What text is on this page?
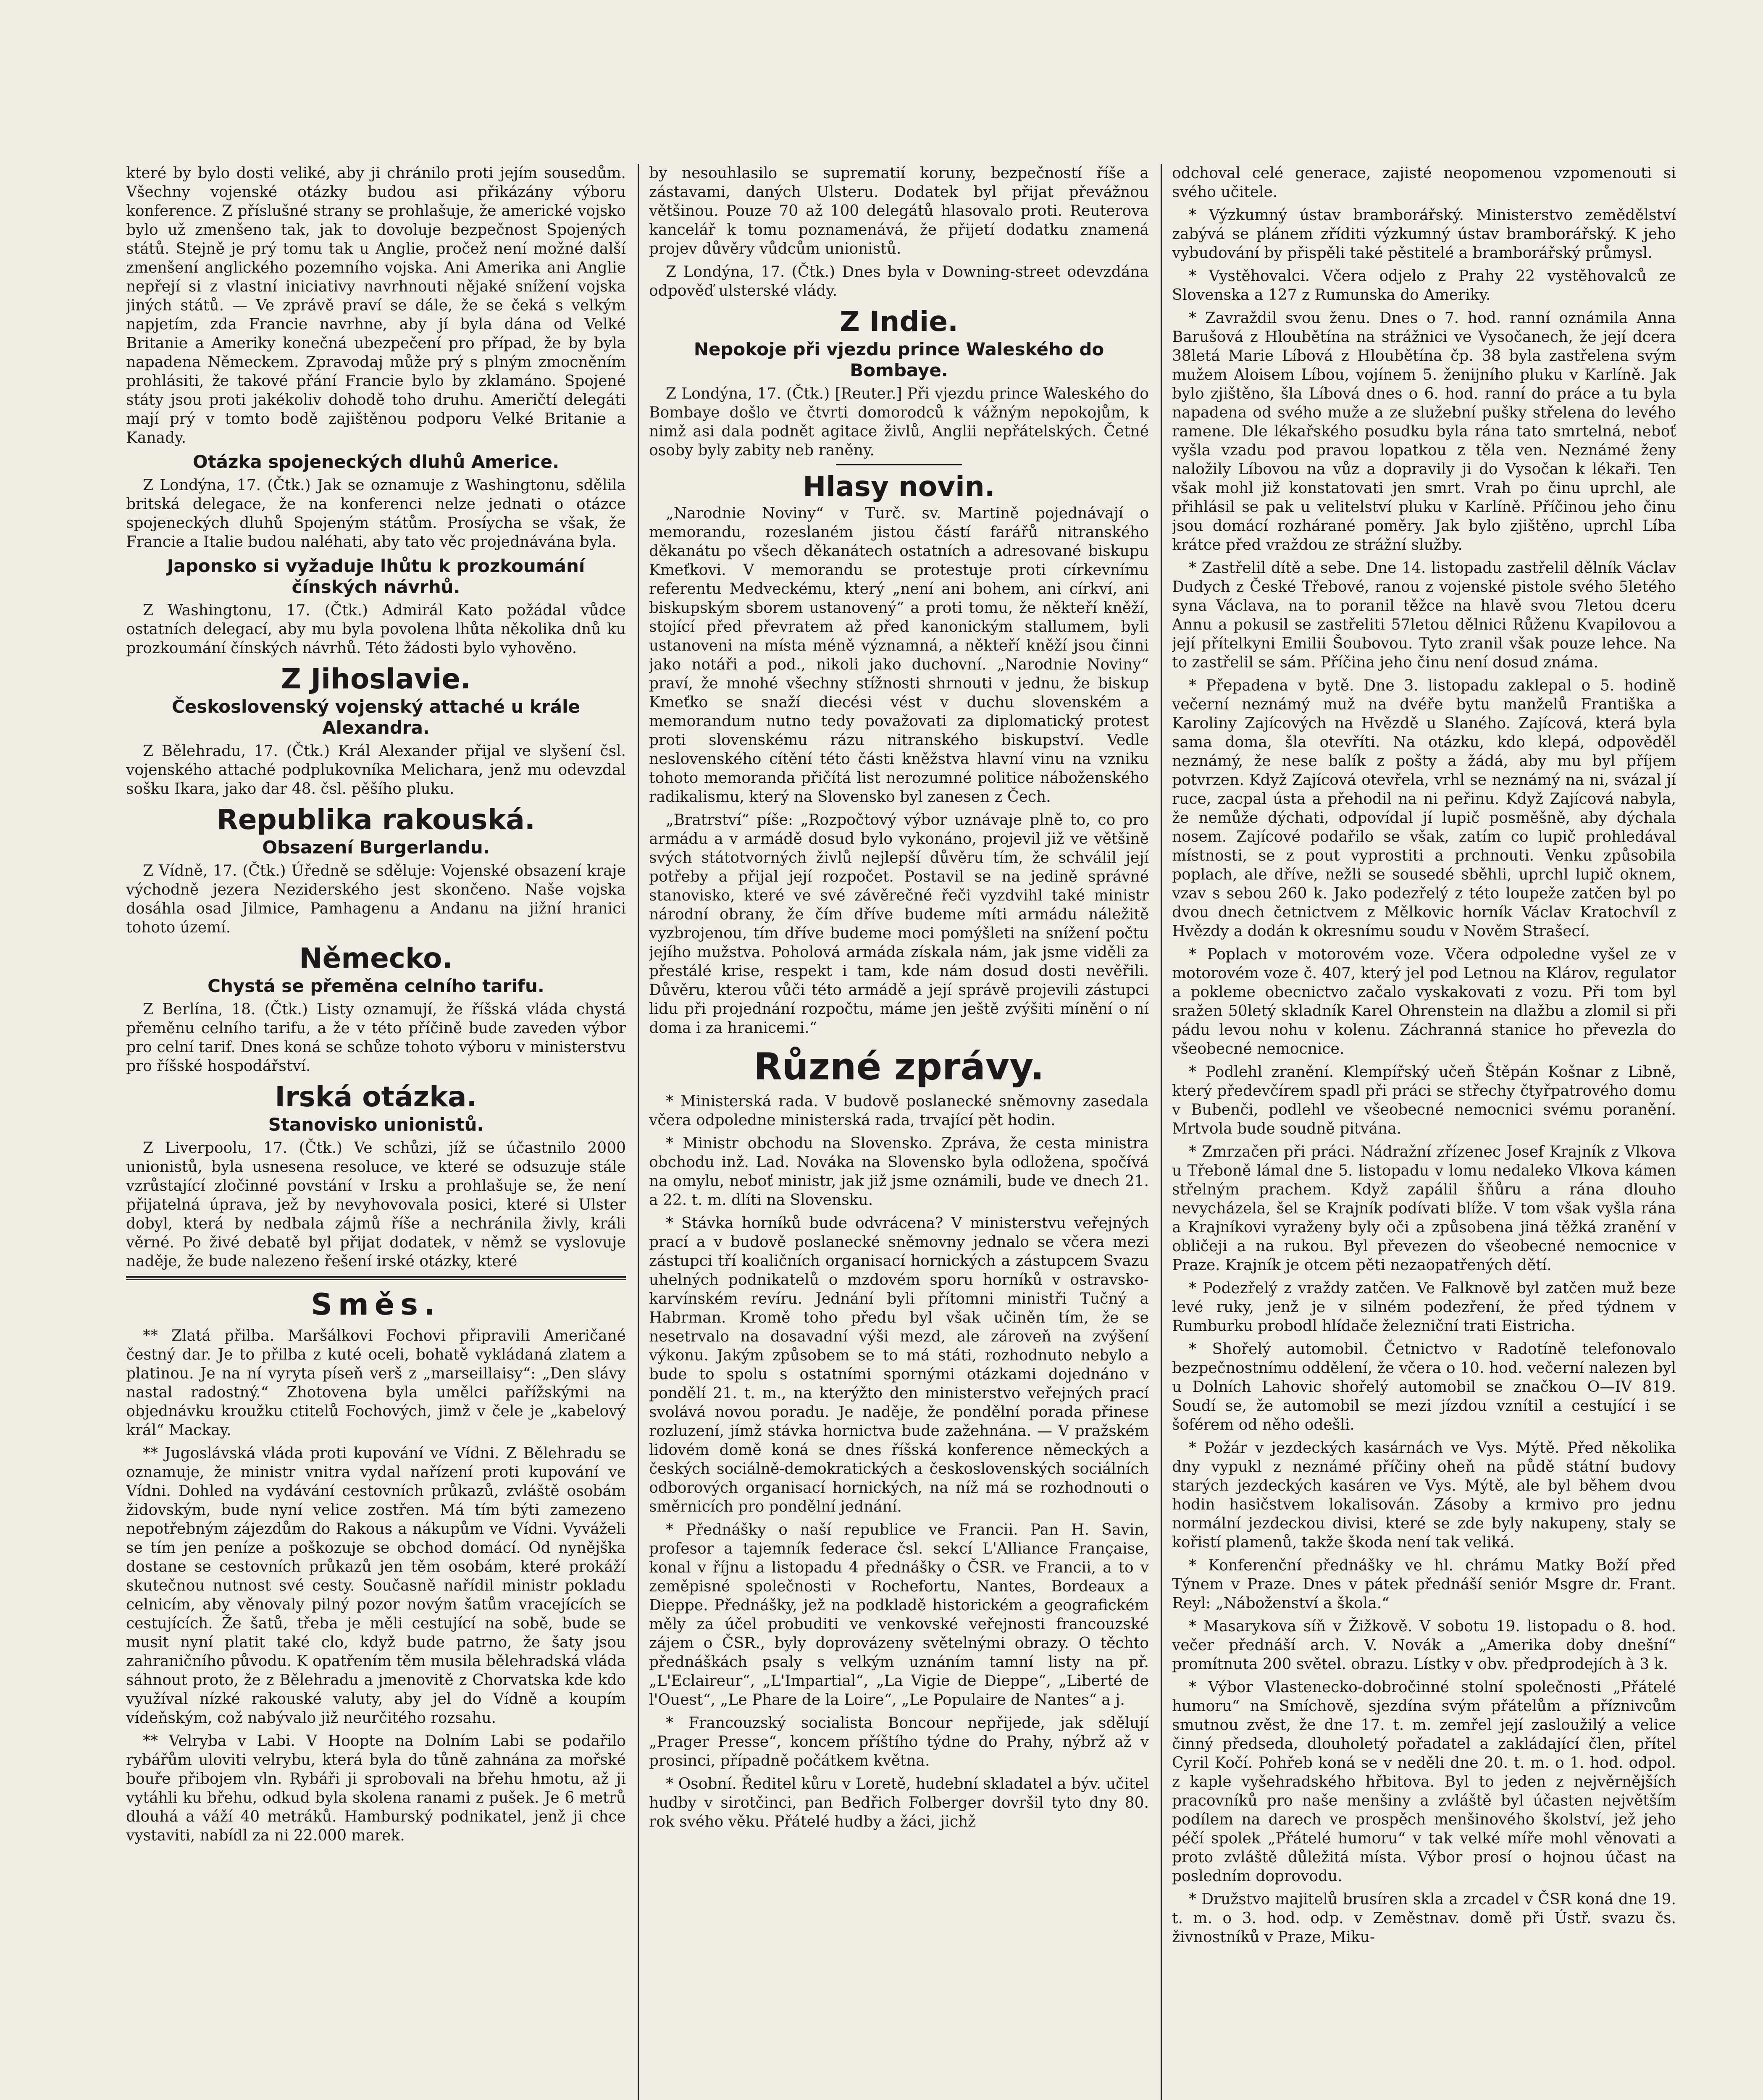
které by bylo dosti veliké, aby ji chránilo proti jejím sousedům. Všechny vojenské otázky budou asi přikázány výboru konference. Z příslušné strany se prohlašuje, že americké vojsko bylo už zmenšeno tak, jak to dovoluje bezpečnost Spojených států. Stejně je prý tomu tak u Anglie, pročež není možné další zmenšení anglického pozemního vojska. Ani Amerika ani Anglie nepřejí si z vlastní iniciativy navrhnouti nějaké snížení vojska jiných států. — Ve zprávě praví se dále, že se čeká s velkým napjetím, zda Francie navrhne, aby jí byla dána od Velké Britanie a Ameriky konečná ubezpečení pro případ, že by byla napadena Německem. Zpravodaj může prý s plným zmocněním prohlásiti, že takové přání Francie bylo by zklamáno. Spojené státy jsou proti jakékoliv dohodě toho druhu. Američtí delegáti mají prý v tomto bodě zajištěnou podporu Velké Britanie a Kanady.

Otázka spojeneckých dluhů Americe.

Z Londýna, 17. (Čtk.) Jak se oznamuje z Washingtonu, sdělila britská delegace, že na konferenci nelze jednati o otázce spojeneckých dluhů Spojeným státům. Prosíycha se však, že Francie a Italie budou naléhati, aby tato věc projednávána byla.

Japonsko si vyžaduje lhůtu k prozkoumání čínských návrhů.

Z Washingtonu, 17. (Čtk.) Admirál Kato požádal vůdce ostatních delegací, aby mu byla povolena lhůta několika dnů ku prozkoumání čínských návrhů. Této žádosti bylo vyhověno.

Z Jihoslavie.
Československý vojenský attaché u krále Alexandra.

Z Bělehradu, 17. (Čtk.) Král Alexander přijal ve slyšení čsl. vojenského attaché podplukovníka Melichara, jenž mu odevzdal sošku Ikara, jako dar 48. čsl. pěšího pluku.

Republika rakouská.
Obsazení Burgerlandu.

Z Vídně, 17. (Čtk.) Úředně se sděluje: Vojenské obsazení kraje východně jezera Neziderského jest skončeno. Naše vojska dosáhla osad Jilmice, Pamhagenu a Andanu na jižní hranici tohoto území.

Německo.
Chystá se přeměna celního tarifu.

Z Berlína, 18. (Čtk.) Listy oznamují, že říšská vláda chystá přeměnu celního tarifu, a že v této příčině bude zaveden výbor pro celní tarif. Dnes koná se schůze tohoto výboru v ministerstvu pro říšské hospodářství.

Irská otázka.
Stanovisko unionistů.

Z Liverpoolu, 17. (Čtk.) Ve schůzi, jíž se účastnilo 2000 unionistů, byla usnesena resoluce, ve které se odsuzuje stále vzrůstající zločinné povstání v Irsku a prohlašuje se, že není přijatelná úprava, jež by nevyhovovala posici, které si Ulster dobyl, která by nedbala zájmů říše a nechránila živly, králi věrné. Po živé debatě byl přijat dodatek, v němž se vyslovuje naděje, že bude nalezeno řešení irské otázky, které

Směs.

** Zlatá přilba. Maršálkovi Fochovi připravili Američané čestný dar. Je to přilba z kuté oceli, bohatě vykládaná zlatem a platinou. Je na ní vyryta píseň verš z „marseillaisy“: „Den slávy nastal radostný.“ Zhotovena byla umělci pařížskými na objednávku kroužku ctitelů Fochových, jimž v čele je „kabelový král“ Mackay.

** Jugoslávská vláda proti kupování ve Vídni. Z Bělehradu se oznamuje, že ministr vnitra vydal nařízení proti kupování ve Vídni. Dohled na vydávání cestovních průkazů, zvláště osobám židovským, bude nyní velice zostřen. Má tím býti zamezeno nepotřebným zájezdům do Rakous a nákupům ve Vídni. Vyváželi se tím jen peníze a poškozuje se obchod domácí. Od nynějška dostane se cestovních průkazů jen těm osobám, které prokáží skutečnou nutnost své cesty. Současně nařídil ministr pokladu celnicím, aby věnovaly pilný pozor novým šatům vracejících se cestujících. Že šatů, třeba je měli cestující na sobě, bude se musit nyní platit také clo, když bude patrno, že šaty jsou zahraničního původu. K opatřením těm musila bělehradská vláda sáhnout proto, že z Bělehradu a jmenovitě z Chorvatska kde kdo využíval nízké rakouské valuty, aby jel do Vídně a koupím vídeňským, což nabývalo již neurčitého rozsahu.

** Velryba v Labi. V Hoopte na Dolním Labi se podařilo rybářům uloviti velrybu, která byla do tůně zahnána za mořské bouře přibojem vln. Rybáři ji sprobovali na břehu hmotu, až ji vytáhli ku břehu, odkud byla skolena ranami z pušek. Je 6 metrů dlouhá a váží 40 metráků. Hamburský podnikatel, jenž ji chce vystaviti, nabídl za ni 22.000 marek.

by nesouhlasilo se suprematií koruny, bezpečností říše a zástavami, daných Ulsteru. Dodatek byl přijat převážnou většinou. Pouze 70 až 100 delegátů hlasovalo proti. Reuterova kancelář k tomu poznamenává, že přijetí dodatku znamená projev důvěry vůdcům unionistů.

Z Londýna, 17. (Čtk.) Dnes byla v Downing-street odevzdána odpověď ulsterské vlády.

Z Indie.
Nepokoje při vjezdu prince Waleského do Bombaye.

Z Londýna, 17. (Čtk.) [Reuter.] Při vjezdu prince Waleského do Bombaye došlo ve čtvrti domorodců k vážným nepokojům, k nimž asi dala podnět agitace živlů, Anglii nepřátelských. Četné osoby byly zabity neb raněny.

Hlasy novin.

„Narodnie Noviny“ v Turč. sv. Martině pojednávají o memorandu, rozeslaném jistou částí farářů nitranského děkanátu po všech děkanátech ostatních a adresované biskupu Kmeťkovi. V memorandu se protestuje proti církevnímu referentu Medveckému, který „není ani bohem, ani církví, ani biskupským sborem ustanovený“ a proti tomu, že někteří kněží, stojící před převratem až před kanonickým stallumem, byli ustanoveni na místa méně významná, a někteří kněží jsou činni jako notáři a pod., nikoli jako duchovní. „Narodnie Noviny“ praví, že mnohé všechny stížnosti shrnouti v jednu, že biskup Kmeťko se snaží diecési vést v duchu slovenském a memorandum nutno tedy považovati za diplomatický protest proti slovenskému rázu nitranského biskupství. Vedle neslovenského cítění této části kněžstva hlavní vinu na vzniku tohoto memoranda přičítá list nerozumné politice náboženského radikalismu, který na Slovensko byl zanesen z Čech.

„Bratrství“ píše: „Rozpočtový výbor uznávaje plně to, co pro armádu a v armádě dosud bylo vykonáno, projevil již ve většině svých státotvorných živlů nejlepší důvěru tím, že schválil její potřeby a přijal její rozpočet. Postavil se na jedině správné stanovisko, které ve své závěrečné řeči vyzdvihl také ministr národní obrany, že čím dříve budeme míti armádu náležitě vyzbrojenou, tím dříve budeme moci pomýšleti na snížení počtu jejího mužstva. Poholová armáda získala nám, jak jsme viděli za přestálé krise, respekt i tam, kde nám dosud dosti nevěřili. Důvěru, kterou vůči této armádě a její správě projevili zástupci lidu při projednání rozpočtu, máme jen ještě zvýšiti mínění o ní doma i za hranicemi.“

Různé zprávy.

* Ministerská rada. V budově poslanecké sněmovny zasedala včera odpoledne ministerská rada, trvající pět hodin.

* Ministr obchodu na Slovensko. Zpráva, že cesta ministra obchodu inž. Lad. Nováka na Slovensko byla odložena, spočívá na omylu, neboť ministr, jak již jsme oznámili, bude ve dnech 21. a 22. t. m. dlíti na Slovensku.

* Stávka horníků bude odvrácena? V ministerstvu veřejných prací a v budově poslanecké sněmovny jednalo se včera mezi zástupci tří koaličních organisací hornických a zástupcem Svazu uhelných podnikatelů o mzdovém sporu horníků v ostravsko-karvínském revíru. Jednání byli přítomni ministři Tučný a Habrman. Kromě toho předu byl však učiněn tím, že se nesetrvalo na dosavadní výši mezd, ale zároveň na zvýšení výkonu. Jakým způsobem se to má státi, rozhodnuto nebylo a bude to spolu s ostatními spornými otázkami dojednáno v pondělí 21. t. m., na kterýžto den ministerstvo veřejných prací svolává novou poradu. Je naděje, že pondělní porada přinese rozluzení, jímž stávka hornictva bude zažehnána. — V pražském lidovém domě koná se dnes říšská konference německých a českých sociálně-demokratických a československých sociálních odborových organisací hornických, na níž má se rozhodnouti o směrnicích pro pondělní jednání.

* Přednášky o naší republice ve Francii. Pan H. Savin, profesor a tajemník federace čsl. sekcí L'Alliance Française, konal v říjnu a listopadu 4 přednášky o ČSR. ve Francii, a to v zeměpisné společnosti v Rochefortu, Nantes, Bordeaux a Dieppe. Přednášky, jež na podkladě historickém a geografickém měly za účel probuditi ve venkovské veřejnosti francouzské zájem o ČSR., byly doprovázeny světelnými obrazy. O těchto přednáškách psaly s velkým uznáním tamní listy na př. „L'Eclaireur“, „L'Impartial“, „La Vigie de Dieppe“, „Liberté de l'Ouest“, „Le Phare de la Loire“, „Le Populaire de Nantes“ a j.

* Francouzský socialista Boncour nepřijede, jak sdělují „Prager Presse“, koncem příštího týdne do Prahy, nýbrž až v prosinci, případně počátkem května.

* Osobní. Ředitel kůru v Loretě, hudební skladatel a býv. učitel hudby v sirotčinci, pan Bedřich Folberger dovršil tyto dny 80. rok svého věku. Přátelé hudby a žáci, jichž

odchoval celé generace, zajisté neopomenou vzpomenouti si svého učitele.

* Výzkumný ústav bramborářský. Ministerstvo zemědělství zabývá se plánem zříditi výzkumný ústav bramborářský. K jeho vybudování by přispěli také pěstitelé a bramborářský průmysl.

* Vystěhovalci. Včera odjelo z Prahy 22 vystěhovalců ze Slovenska a 127 z Rumunska do Ameriky.

* Zavraždil svou ženu. Dnes o 7. hod. ranní oznámila Anna Barušová z Hloubětína na strážnici ve Vysočanech, že její dcera 38letá Marie Líbová z Hloubětína čp. 38 byla zastřelena svým mužem Aloisem Líbou, vojínem 5. ženijního pluku v Karlíně. Jak bylo zjištěno, šla Líbová dnes o 6. hod. ranní do práce a tu byla napadena od svého muže a ze služební pušky střelena do levého ramene. Dle lékařského posudku byla rána tato smrtelná, neboť vyšla vzadu pod pravou lopatkou z těla ven. Neznámé ženy naložily Líbovou na vůz a dopravily ji do Vysočan k lékaři. Ten však mohl již konstatovati jen smrt. Vrah po činu uprchl, ale přihlásil se pak u velitelství pluku v Karlíně. Příčinou jeho činu jsou domácí rozhárané poměry. Jak bylo zjištěno, uprchl Líba krátce před vraždou ze strážní služby.

* Zastřelil dítě a sebe. Dne 14. listopadu zastřelil dělník Václav Dudych z České Třebové, ranou z vojenské pistole svého 5letého syna Václava, na to poranil těžce na hlavě svou 7letou dceru Annu a pokusil se zastřeliti 57letou dělnici Růženu Kvapilovou a její přítelkyni Emilii Šoubovou. Tyto zranil však pouze lehce. Na to zastřelil se sám. Příčina jeho činu není dosud známa.

* Přepadena v bytě. Dne 3. listopadu zaklepal o 5. hodině večerní neznámý muž na dvéře bytu manželů Františka a Karoliny Zajícových na Hvězdě u Slaného. Zajícová, která byla sama doma, šla otevříti. Na otázku, kdo klepá, odpověděl neznámý, že nese balík z pošty a žádá, aby mu byl příjem potvrzen. Když Zajícová otevřela, vrhl se neznámý na ni, svázal jí ruce, zacpal ústa a přehodil na ni peřinu. Když Zajícová nabyla, že nemůže dýchati, odpovídal jí lupič posměšně, aby dýchala nosem. Zajícové podařilo se však, zatím co lupič prohledával místnosti, se z pout vyprostiti a prchnouti. Venku způsobila poplach, ale dříve, nežli se sousedé sběhli, uprchl lupič oknem, vzav s sebou 260 k. Jako podezřelý z této loupeže zatčen byl po dvou dnech četnictvem z Mělkovic horník Václav Kratochvíl z Hvězdy a dodán k okresnímu soudu v Nověm Strašecí.

* Poplach v motorovém voze. Včera odpoledne vyšel ze v motorovém voze č. 407, který jel pod Letnou na Klárov, regulator a pokleme obecnictvo začalo vyskakovati z vozu. Při tom byl sražen 50letý skladník Karel Ohrenstein na dlažbu a zlomil si při pádu levou nohu v kolenu. Záchranná stanice ho převezla do všeobecné nemocnice.

* Podlehl zranění. Klempířský učeň Štěpán Košnar z Libně, který předevčírem spadl při práci se střechy čtyřpatrového domu v Bubenči, podlehl ve všeobecné nemocnici svému poranění. Mrtvola bude soudně pitvána.

* Zmrzačen při práci. Nádražní zřízenec Josef Krajník z Vlkova u Třeboně lámal dne 5. listopadu v lomu nedaleko Vlkova kámen střelným prachem. Když zapálil šňůru a rána dlouho nevycházela, šel se Krajník podívati blíže. V tom však vyšla rána a Krajníkovi vyraženy byly oči a způsobena jiná těžká zranění v obličeji a na rukou. Byl převezen do všeobecné nemocnice v Praze. Krajník je otcem pěti nezaopatřených dětí.

* Podezřelý z vraždy zatčen. Ve Falknově byl zatčen muž beze levé ruky, jenž je v silném podezření, že před týdnem v Rumburku probodl hlídače železniční trati Eistricha.

* Shořelý automobil. Četnictvo v Radotíně telefonovalo bezpečnostnímu oddělení, že včera o 10. hod. večerní nalezen byl u Dolních Lahovic shořelý automobil se značkou O—IV 819. Soudí se, že automobil se mezi jízdou vznítil a cestující i se šoférem od něho odešli.

* Požár v jezdeckých kasárnách ve Vys. Mýtě. Před několika dny vypukl z neznámé příčiny oheň na půdě státní budovy starých jezdeckých kasáren ve Vys. Mýtě, ale byl během dvou hodin hasičstvem lokalisován. Zásoby a krmivo pro jednu normální jezdeckou divisi, které se zde byly nakupeny, staly se kořistí plamenů, takže škoda není tak veliká.

* Konferenční přednášky ve hl. chrámu Matky Boží před Týnem v Praze. Dnes v pátek přednáší seniór Msgre dr. Frant. Reyl: „Náboženství a škola.“

* Masarykova síň v Žižkově. V sobotu 19. listopadu o 8. hod. večer přednáší arch. V. Novák a „Amerika doby dnešní“ promítnuta 200 světel. obrazu. Lístky v obv. předprodejích à 3 k.

* Výbor Vlastenecko-dobročinné stolní společnosti „Přátelé humoru“ na Smíchově, sjezdína svým přátelům a příznivcům smutnou zvěst, že dne 17. t. m. zemřel její zasloužilý a velice činný předseda, dlouholetý pořadatel a zakládající člen, přítel Cyril Kočí. Pohřeb koná se v neděli dne 20. t. m. o 1. hod. odpol. z kaple vyšehradského hřbitova. Byl to jeden z nejvěrnějších pracovníků pro naše menšiny a zvláště byl účasten největším podílem na darech ve prospěch menšinového školství, jež jeho péčí spolek „Přátelé humoru“ v tak velké míře mohl věnovati a proto zvláště důležitá místa. Výbor prosí o hojnou účast na posledním doprovodu.

* Družstvo majitelů brusíren skla a zrcadel v ČSR koná dne 19. t. m. o 3. hod. odp. v Zeměstnav. domě při Ústř. svazu čs. živnostníků v Praze, Miku-
